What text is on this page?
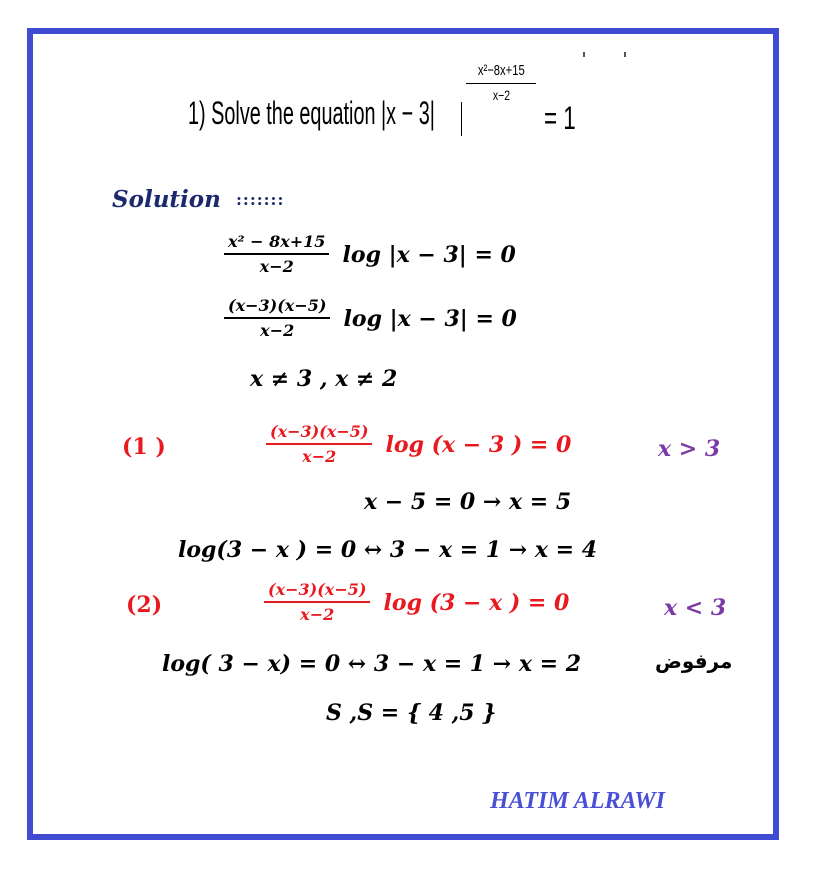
1) Solve the equation |x − 3|
x²−8x+15
x−2
= 1
Solution :::::::
$\frac{\text{x² − 8x+15}}{x-2}$ log |x − 3| = 0
$\frac{(x-3)(x-5)}{x-2}$ log |x − 3| = 0
x ≠ 3 , x ≠ 2
(1 )	$\frac{(x-3)(x-5)}{x-2}$ log (x − 3 ) = 0	x > 3
x − 5 = 0 → x = 5
log(3 − x ) = 0 ↔ 3 − x = 1 → x = 4
(2)	$\frac{(x-3)(x-5)}{x-2}$ log (3 − x ) = 0	x < 3
log( 3 − x) = 0 ↔ 3 − x = 1 → x = 2	مرفوض
S ,S = { 4 ,5 }
HATIM ALRAWI
